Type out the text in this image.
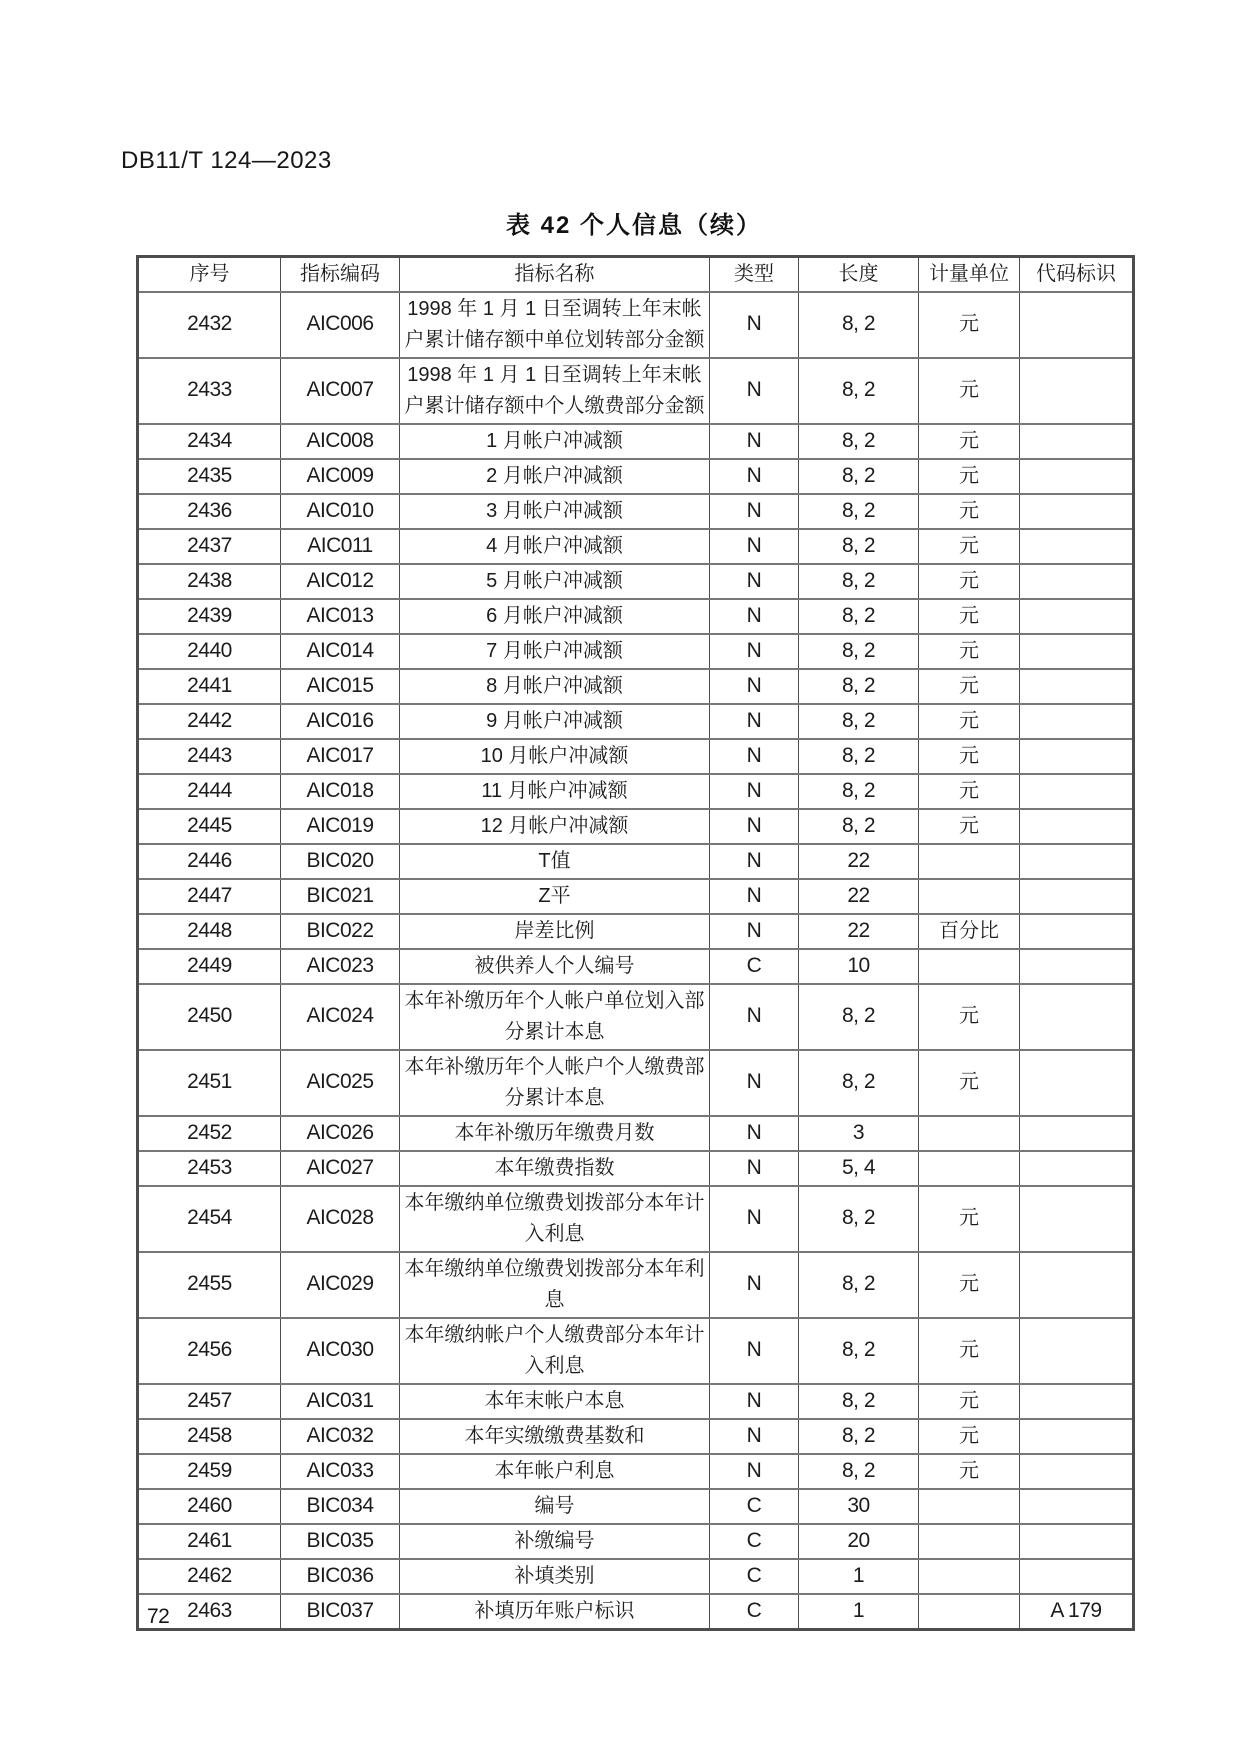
DB11/T 124—2023
表 42 个人信息（续）
序号	指标编码	指标名称	类型	长度	计量单位	代码标识
2432	AIC006	1998 年 1 月 1 日至调转上年末帐户累计储存额中单位划转部分金额	N	8, 2	元	
2433	AIC007	1998 年 1 月 1 日至调转上年末帐户累计储存额中个人缴费部分金额	N	8, 2	元	
2434	AIC008	1 月帐户冲减额	N	8, 2	元	
2435	AIC009	2 月帐户冲减额	N	8, 2	元	
2436	AIC010	3 月帐户冲减额	N	8, 2	元	
2437	AIC011	4 月帐户冲减额	N	8, 2	元	
2438	AIC012	5 月帐户冲减额	N	8, 2	元	
2439	AIC013	6 月帐户冲减额	N	8, 2	元	
2440	AIC014	7 月帐户冲减额	N	8, 2	元	
2441	AIC015	8 月帐户冲减额	N	8, 2	元	
2442	AIC016	9 月帐户冲减额	N	8, 2	元	
2443	AIC017	10 月帐户冲减额	N	8, 2	元	
2444	AIC018	11 月帐户冲减额	N	8, 2	元	
2445	AIC019	12 月帐户冲减额	N	8, 2	元	
2446	BIC020	T值	N	22		
2447	BIC021	Z平	N	22		
2448	BIC022	岸差比例	N	22	百分比	
2449	AIC023	被供养人个人编号	C	10		
2450	AIC024	本年补缴历年个人帐户单位划入部分累计本息	N	8, 2	元	
2451	AIC025	本年补缴历年个人帐户个人缴费部分累计本息	N	8, 2	元	
2452	AIC026	本年补缴历年缴费月数	N	3		
2453	AIC027	本年缴费指数	N	5, 4		
2454	AIC028	本年缴纳单位缴费划拨部分本年计入利息	N	8, 2	元	
2455	AIC029	本年缴纳单位缴费划拨部分本年利息	N	8, 2	元	
2456	AIC030	本年缴纳帐户个人缴费部分本年计入利息	N	8, 2	元	
2457	AIC031	本年末帐户本息	N	8, 2	元	
2458	AIC032	本年实缴缴费基数和	N	8, 2	元	
2459	AIC033	本年帐户利息	N	8, 2	元	
2460	BIC034	编号	C	30		
2461	BIC035	补缴编号	C	20		
2462	BIC036	补填类别	C	1		
2463	BIC037	补填历年账户标识	C	1		A 179
72
